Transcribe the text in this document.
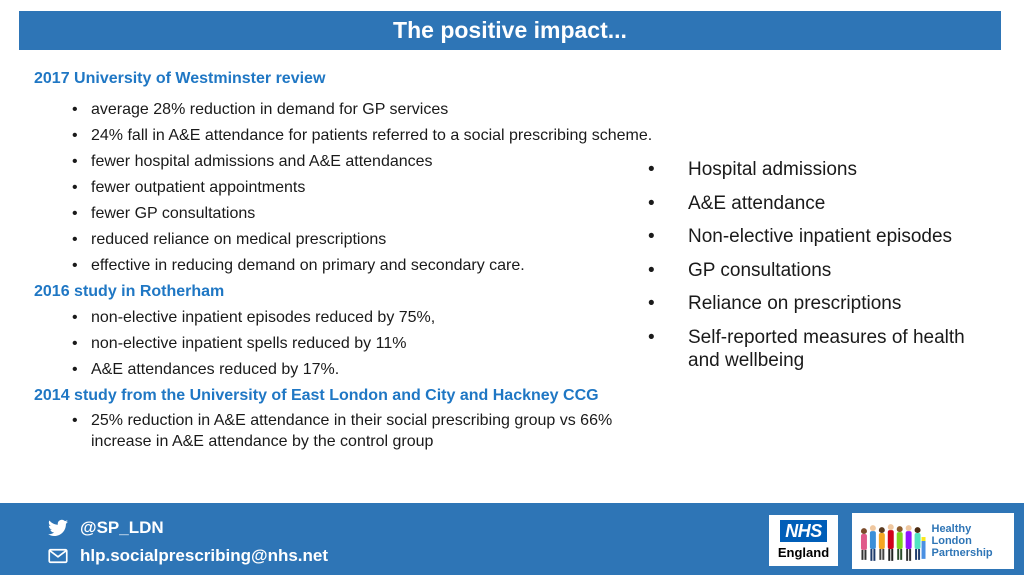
The positive impact...
2017 University of Westminster review
• average 28% reduction in demand for GP services
• 24% fall in A&E attendance for patients referred to a social prescribing scheme.
• fewer hospital admissions and A&E attendances
• fewer outpatient appointments
• fewer GP consultations
• reduced reliance on medical prescriptions
• effective in reducing demand on primary and secondary care.
2016 study in Rotherham
• non-elective inpatient episodes reduced by 75%,
• non-elective inpatient spells reduced by 11%
• A&E attendances reduced by 17%.
2014 study from the University of East London and City and Hackney CCG
• 25% reduction in A&E attendance in their social prescribing group vs 66% increase in A&E attendance by the control group
• Hospital admissions
• A&E attendance
• Non-elective inpatient episodes
• GP consultations
• Reliance on prescriptions
• Self-reported measures of health and wellbeing
@SP_LDN
hlp.socialprescribing@nhs.net
NHS
England
Healthy London
Partnership
